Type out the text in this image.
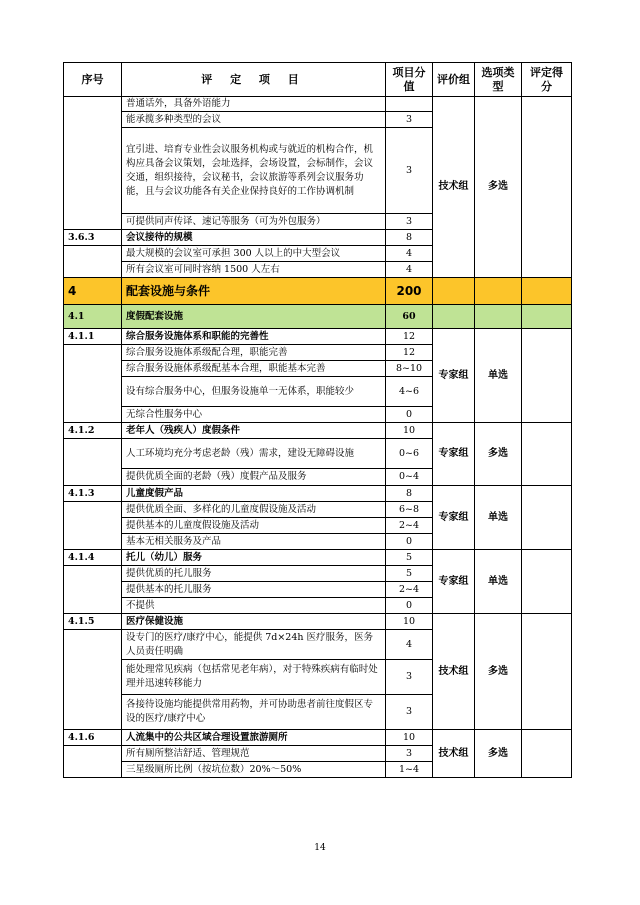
序号	评 定 项 目	项目分值	评价组	选项类型	评定得分
	普通话外，具备外语能力		技术组	多选	
	能承揽多种类型的会议	3			
	宜引进、培育专业性会议服务机构或与就近的机构合作，机构应具备会议策划，会址选择，会场设置，会标制作，会议交通，组织接待，会议秘书，会议旅游等系列会议服务功能，且与会议功能各有关企业保持良好的工作协调机制	3			
	可提供同声传译、速记等服务（可为外包服务）	3			
3.6.3	会议接待的规模	8			
	最大规模的会议室可承担 300 人以上的中大型会议	4			
	所有会议室可同时容纳 1500 人左右	4			
4	配套设施与条件	200			
4.1	度假配套设施	60			
4.1.1	综合服务设施体系和职能的完善性	12	专家组	单选	
	综合服务设施体系级配合理，职能完善	12			
	综合服务设施体系级配基本合理，职能基本完善	8~10			
	设有综合服务中心，但服务设施单一无体系，职能较少	4~6			
	无综合性服务中心	0			
4.1.2	老年人（残疾人）度假条件	10	专家组	多选	
	人工环境均充分考虑老龄（残）需求，建设无障碍设施	0~6			
	提供优质全面的老龄（残）度假产品及服务	0~4			
4.1.3	儿童度假产品	8	专家组	单选	
	提供优质全面、多样化的儿童度假设施及活动	6~8			
	提供基本的儿童度假设施及活动	2~4			
	基本无相关服务及产品	0			
4.1.4	托儿（幼儿）服务	5	专家组	单选	
	提供优质的托儿服务	5			
	提供基本的托儿服务	2~4			
	不提供	0			
4.1.5	医疗保健设施	10	技术组	多选	
	设专门的医疗/康疗中心，能提供 7d×24h 医疗服务，医务人员责任明确	4			
	能处理常见疾病（包括常见老年病），对于特殊疾病有临时处理并迅速转移能力	3			
	各接待设施均能提供常用药物，并可协助患者前往度假区专设的医疗/康疗中心	3			
4.1.6	人流集中的公共区域合理设置旅游厕所	10	技术组	多选	
	所有厕所整洁舒适、管理规范	3			
	三星级厕所比例（按坑位数）20%～50%	1~4			
14
